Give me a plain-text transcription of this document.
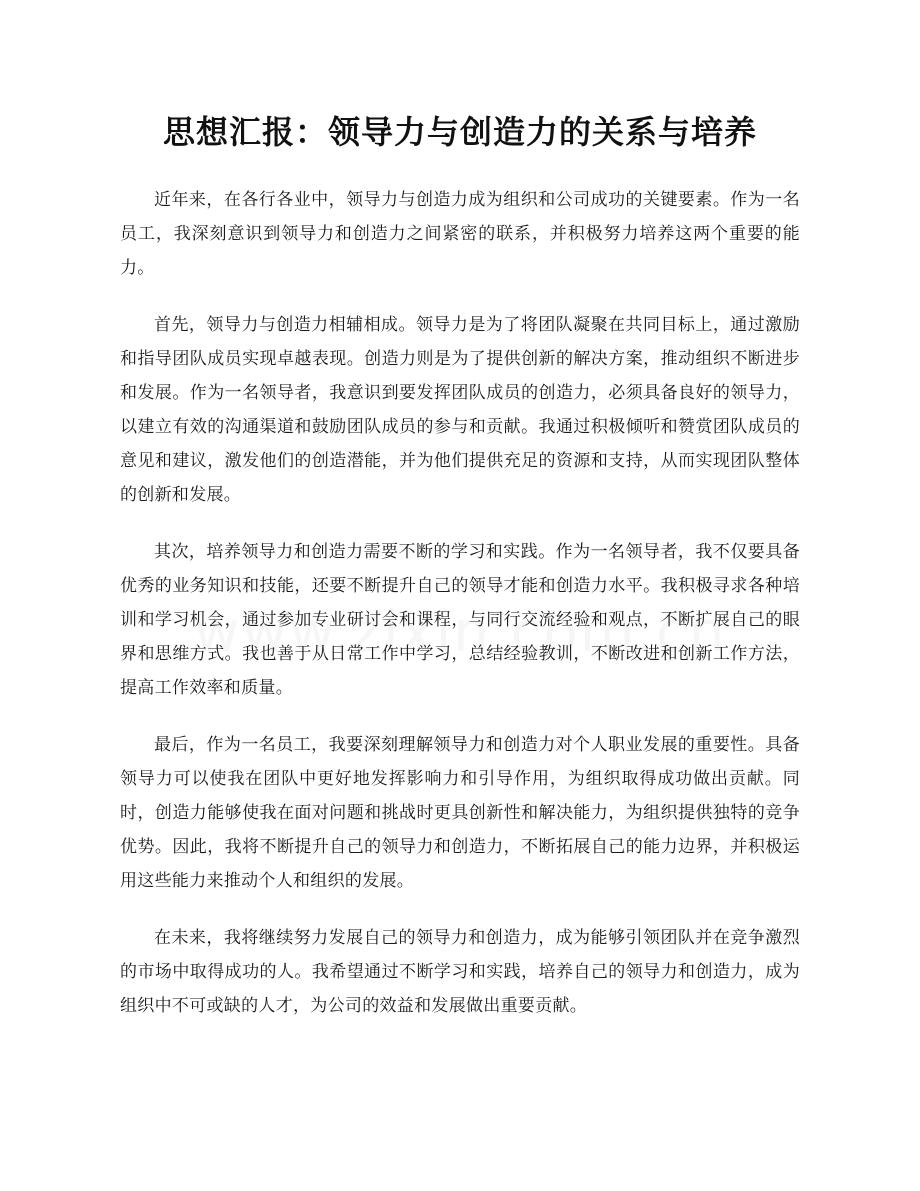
思想汇报：领导力与创造力的关系与培养

近年来，在各行各业中，领导力与创造力成为组织和公司成功的关键要素。作为一名员工，我深刻意识到领导力和创造力之间紧密的联系，并积极努力培养这两个重要的能力。

首先，领导力与创造力相辅相成。领导力是为了将团队凝聚在共同目标上，通过激励和指导团队成员实现卓越表现。创造力则是为了提供创新的解决方案，推动组织不断进步和发展。作为一名领导者，我意识到要发挥团队成员的创造力，必须具备良好的领导力，以建立有效的沟通渠道和鼓励团队成员的参与和贡献。我通过积极倾听和赞赏团队成员的意见和建议，激发他们的创造潜能，并为他们提供充足的资源和支持，从而实现团队整体的创新和发展。

其次，培养领导力和创造力需要不断的学习和实践。作为一名领导者，我不仅要具备优秀的业务知识和技能，还要不断提升自己的领导才能和创造力水平。我积极寻求各种培训和学习机会，通过参加专业研讨会和课程，与同行交流经验和观点，不断扩展自己的眼界和思维方式。我也善于从日常工作中学习，总结经验教训，不断改进和创新工作方法，提高工作效率和质量。

最后，作为一名员工，我要深刻理解领导力和创造力对个人职业发展的重要性。具备领导力可以使我在团队中更好地发挥影响力和引导作用，为组织取得成功做出贡献。同时，创造力能够使我在面对问题和挑战时更具创新性和解决能力，为组织提供独特的竞争优势。因此，我将不断提升自己的领导力和创造力，不断拓展自己的能力边界，并积极运用这些能力来推动个人和组织的发展。

在未来，我将继续努力发展自己的领导力和创造力，成为能够引领团队并在竞争激烈的市场中取得成功的人。我希望通过不断学习和实践，培养自己的领导力和创造力，成为组织中不可或缺的人才，为公司的效益和发展做出重要贡献。
